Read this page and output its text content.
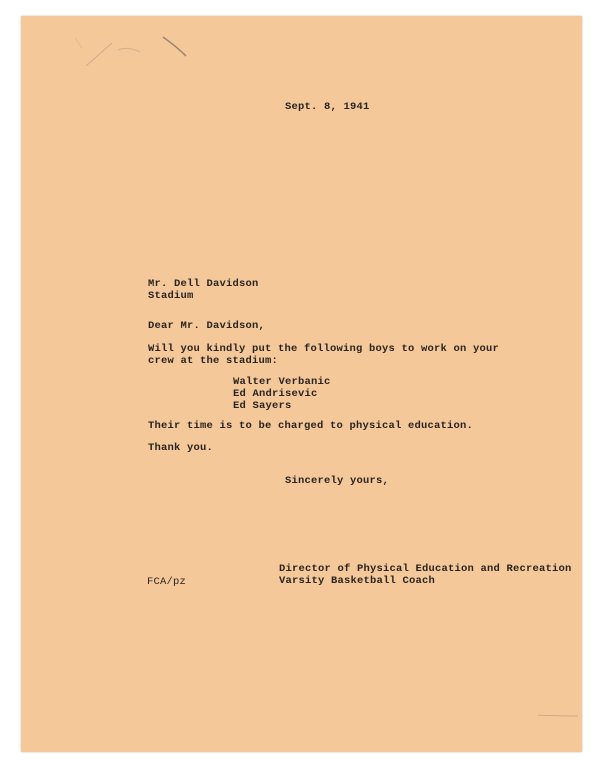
Sept. 8, 1941
Mr. Dell Davidson
Stadium
Dear Mr. Davidson,
Will you kindly put the following boys to work on your
crew at the stadium:
Walter Verbanic
Ed Andrisevic
Ed Sayers
Their time is to be charged to physical education.
Thank you.
Sincerely yours,
Director of Physical Education and Recreation
Varsity Basketball Coach
FCA/pz
